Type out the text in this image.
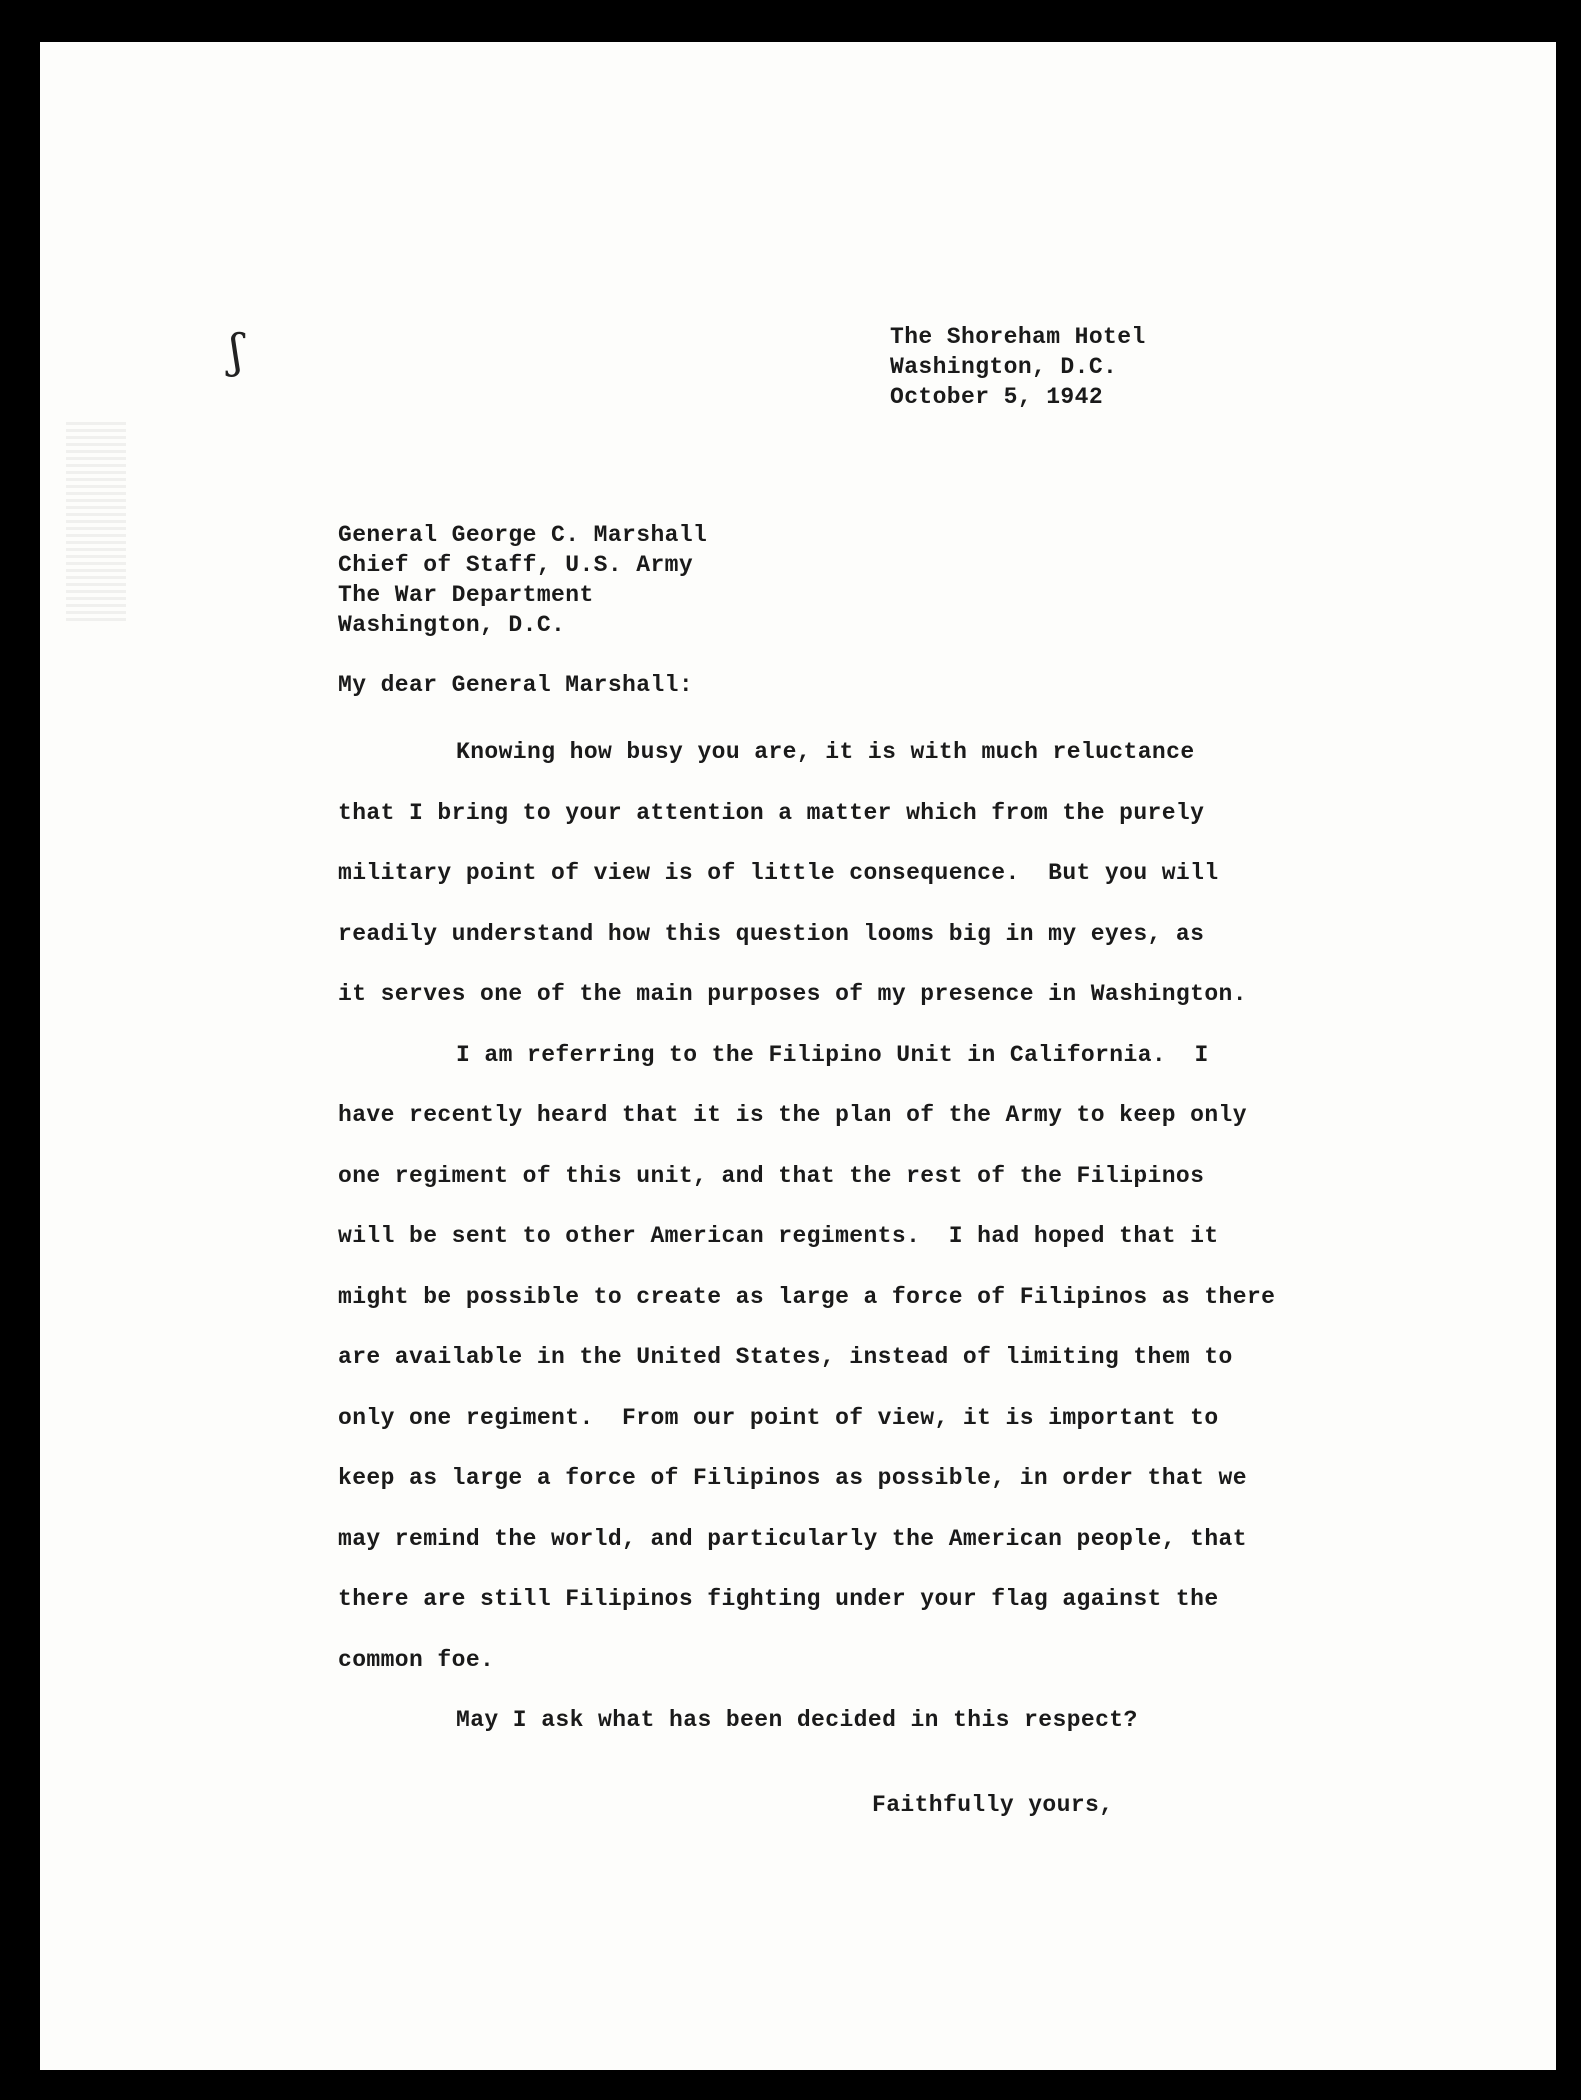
ʃ	The Shoreham Hotel

Washington, D.C.

October 5, 1942

General George C. Marshall

Chief of Staff, U.S. Army

The War Department

Washington, D.C.

My dear General Marshall:

Knowing how busy you are, it is with much reluctance

that I bring to your attention a matter which from the purely

military point of view is of little consequence.  But you will

readily understand how this question looms big in my eyes, as

it serves one of the main purposes of my presence in Washington.

I am referring to the Filipino Unit in California.  I

have recently heard that it is the plan of the Army to keep only

one regiment of this unit, and that the rest of the Filipinos

will be sent to other American regiments.  I had hoped that it

might be possible to create as large a force of Filipinos as there

are available in the United States, instead of limiting them to

only one regiment.  From our point of view, it is important to

keep as large a force of Filipinos as possible, in order that we

may remind the world, and particularly the American people, that

there are still Filipinos fighting under your flag against the

common foe.

May I ask what has been decided in this respect?

Faithfully yours,
